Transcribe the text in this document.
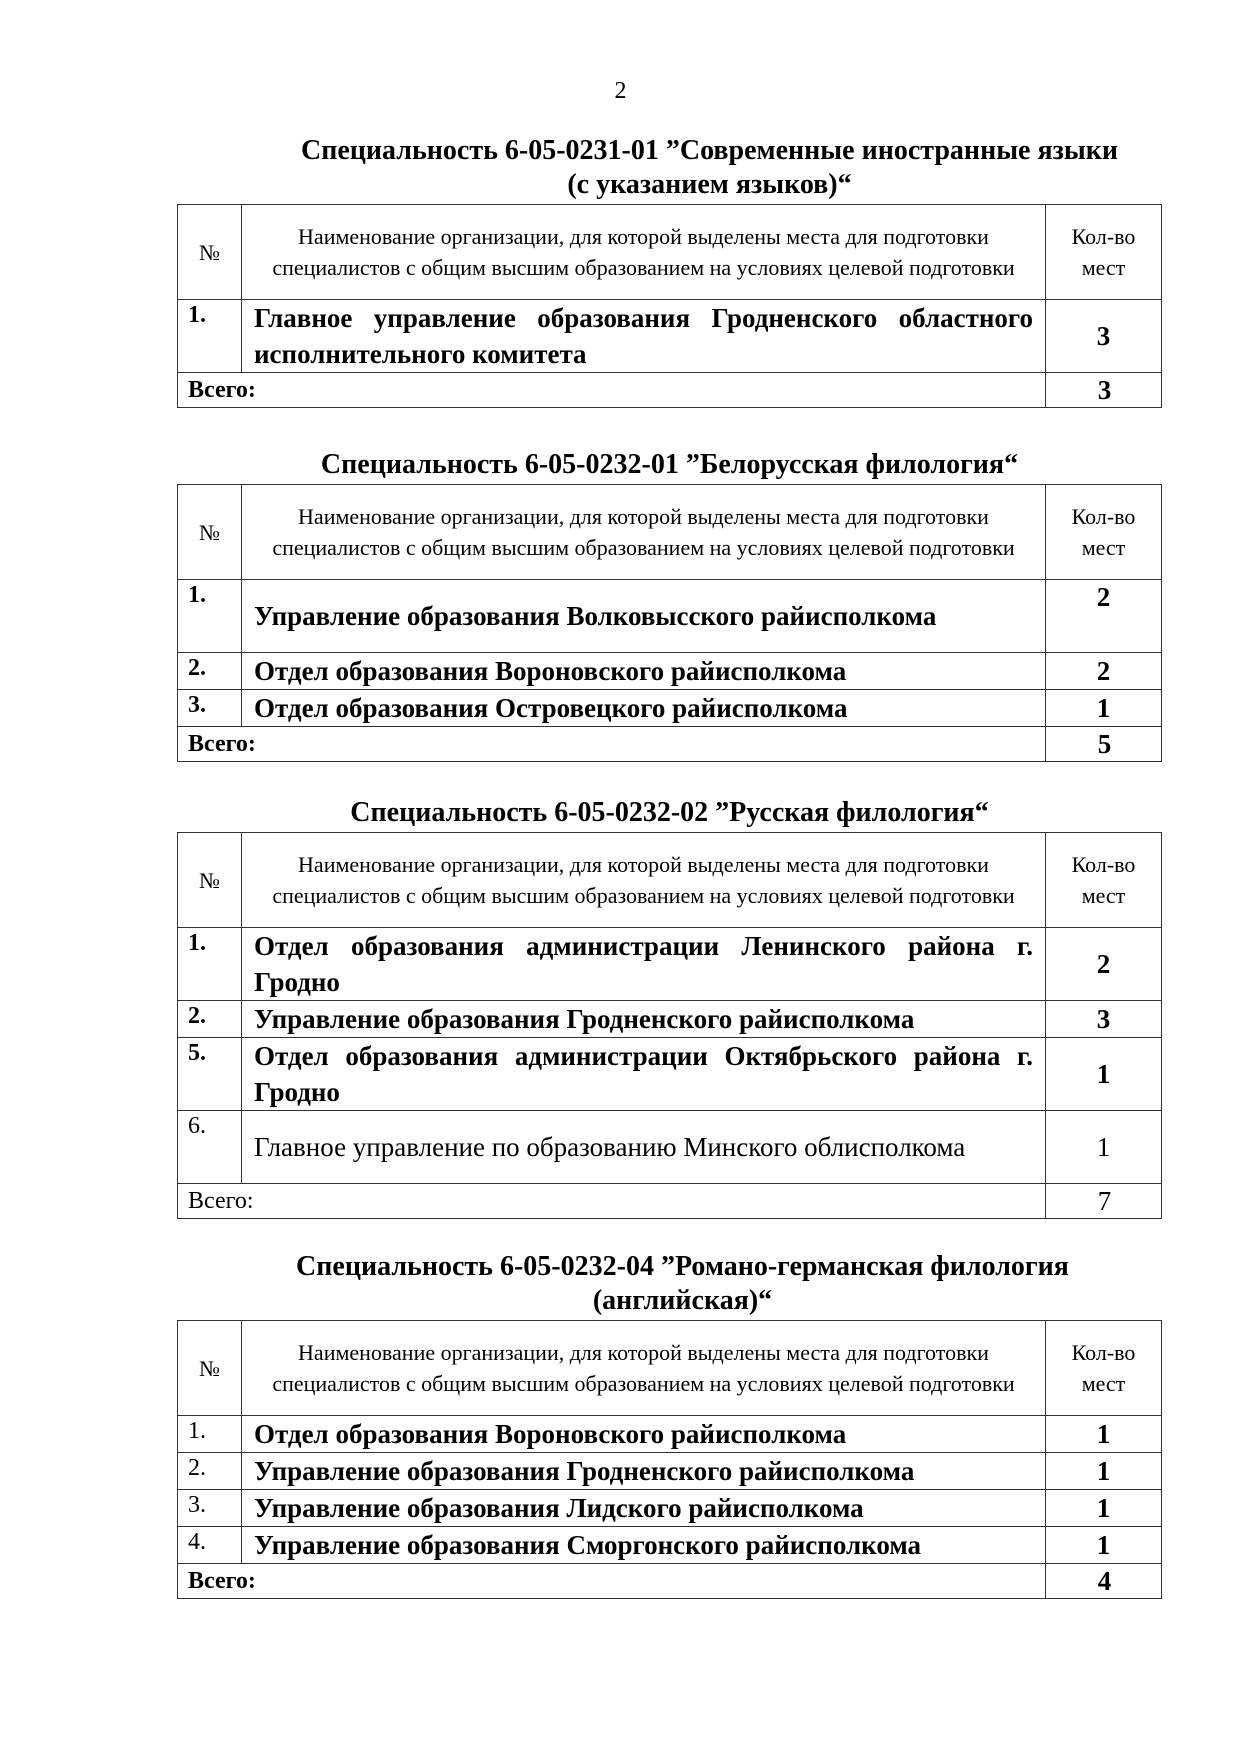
2
Специальность 6-05-0231-01 ”Современные иностранные языки
(с указанием языков)“
№	Наименование организации, для которой выделены места для подготовки специалистов с общим высшим образованием на условиях целевой подготовки	Кол-во мест
1.	Главное управление образования Гродненского областного исполнительного комитета	3
Всего:		3
Специальность 6-05-0232-01 ”Белорусская филология“
№	Наименование организации, для которой выделены места для подготовки специалистов с общим высшим образованием на условиях целевой подготовки	Кол-во мест
1.	Управление образования Волковысского райисполкома	2
2.	Отдел образования Вороновского райисполкома	2
3.	Отдел образования Островецкого райисполкома	1
Всего:		5
Специальность 6-05-0232-02 ”Русская филология“
№	Наименование организации, для которой выделены места для подготовки специалистов с общим высшим образованием на условиях целевой подготовки	Кол-во мест
1.	Отдел образования администрации Ленинского района г. Гродно	2
2.	Управление образования Гродненского райисполкома	3
5.	Отдел образования администрации Октябрьского района г. Гродно	1
6.	Главное управление по образованию Минского облисполкома	1
Всего:		7
Специальность 6-05-0232-04 ”Романо-германская филология
(английская)“
№	Наименование организации, для которой выделены места для подготовки специалистов с общим высшим образованием на условиях целевой подготовки	Кол-во мест
1.	Отдел образования Вороновского райисполкома	1
2.	Управление образования Гродненского райисполкома	1
3.	Управление образования Лидского райисполкома	1
4.	Управление образования Сморгонского райисполкома	1
Всего:		4
